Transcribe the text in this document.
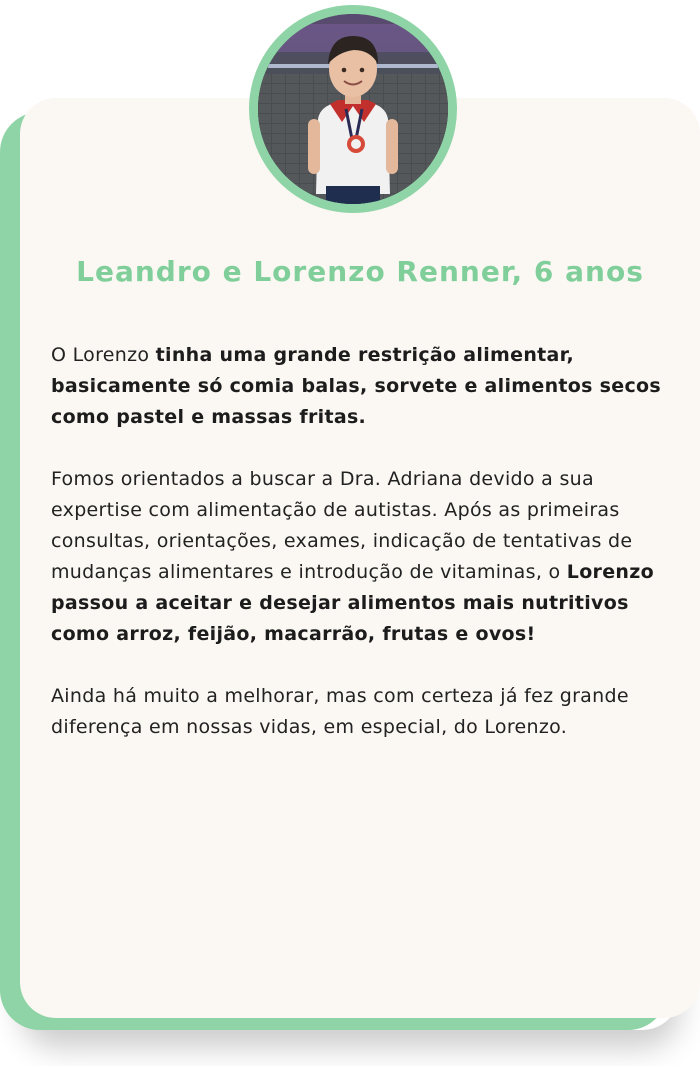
Leandro e Lorenzo Renner, 6 anos

O Lorenzo tinha uma grande restrição alimentar, basicamente só comia balas, sorvete e alimentos secos como pastel e massas fritas.

Fomos orientados a buscar a Dra. Adriana devido a sua expertise com alimentação de autistas. Após as primeiras consultas, orientações, exames, indicação de tentativas de mudanças alimentares e introdução de vitaminas, o Lorenzo passou a aceitar e desejar alimentos mais nutritivos como arroz, feijão, macarrão, frutas e ovos!

Ainda há muito a melhorar, mas com certeza já fez grande diferença em nossas vidas, em especial, do Lorenzo.
